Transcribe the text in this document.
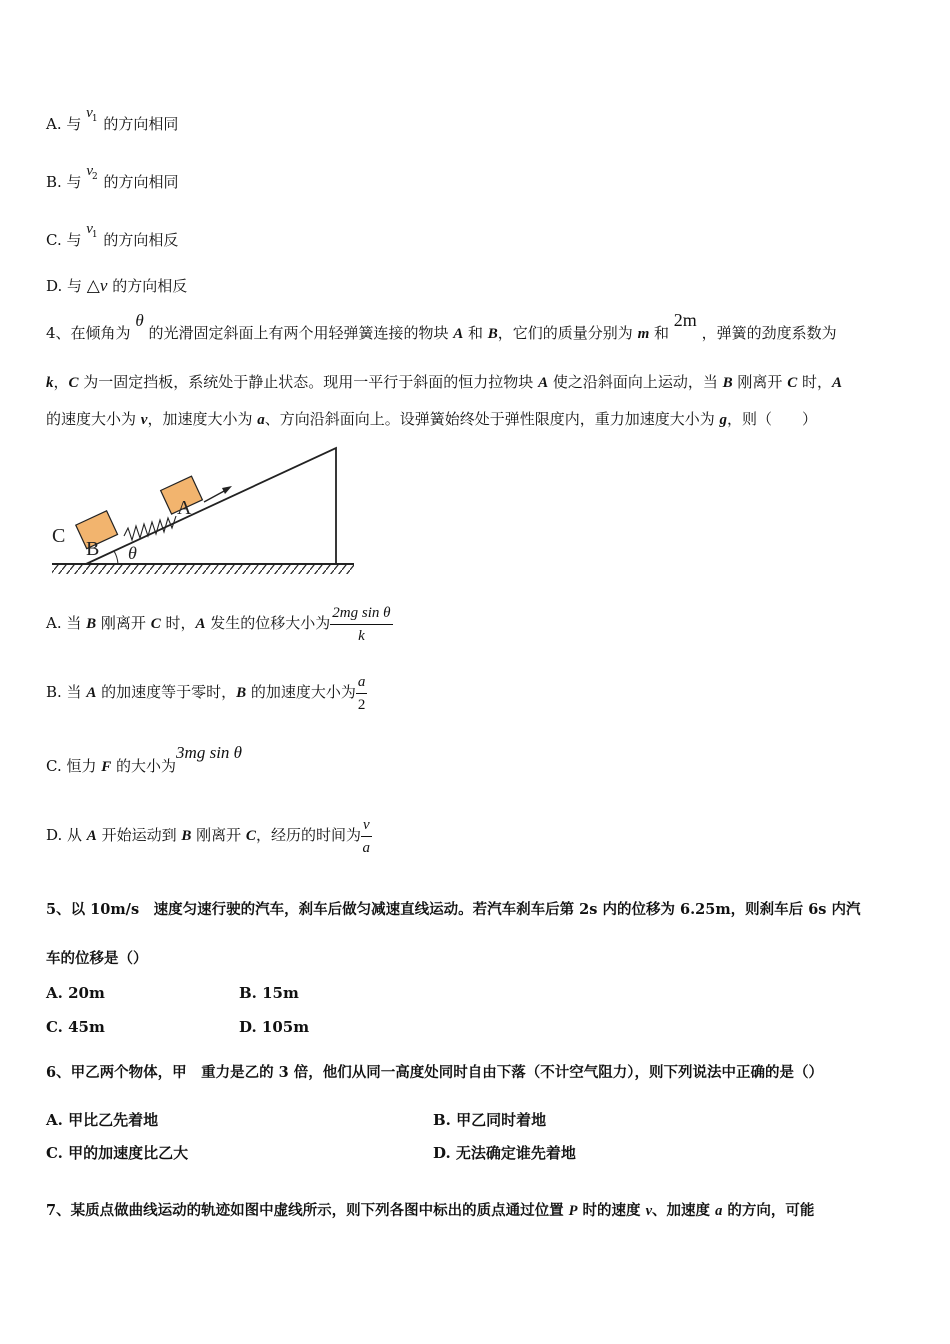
A. 与 $v^1$ 的方向相同
B. 与 $v^2$ 的方向相同
C. 与 $v^1$ 的方向相反
D. 与 △v 的方向相反
4、在倾角为 θ 的光滑固定斜面上有两个用轻弹簧连接的物块 A 和 B，它们的质量分别为 m 和 2m ，弹簧的劲度系数为
k，C 为一固定挡板，系统处于静止状态。现用一平行于斜面的恒力拉物块 A 使之沿斜面向上运动，当 B 刚离开 C 时，A
的速度大小为 v，加速度大小为 a、方向沿斜面向上。设弹簧始终处于弹性限度内，重力加速度大小为 g，则（　　）
C
B
A
θ
A. 当 B 刚离开 C 时，A 发生的位移大小为 $\frac{\text{2mg sin θ}}{k}$
B. 当 A 的加速度等于零时，B 的加速度大小为 $\frac{a}{2}$
C. 恒力 F 的大小为3mg sin θ
D. 从 A 开始运动到 B 刚离开 C，经历的时间为 $\frac{v}{a}$
5、以 10m/s　速度匀速行驶的汽车，刹车后做匀减速直线运动。若汽车刹车后第 2s 内的位移为 6.25m，则刹车后 6s 内汽
车的位移是（）
A. 20m	B. 15m
C. 45m	D. 105m
6、甲乙两个物体，甲　重力是乙的 3 倍，他们从同一高度处同时自由下落（不计空气阻力），则下列说法中正确的是（）
A. 甲比乙先着地	B. 甲乙同时着地
C. 甲的加速度比乙大	D. 无法确定谁先着地
7、某质点做曲线运动的轨迹如图中虚线所示，则下列各图中标出的质点通过位置 P 时的速度 v、加速度 a 的方向，可能
